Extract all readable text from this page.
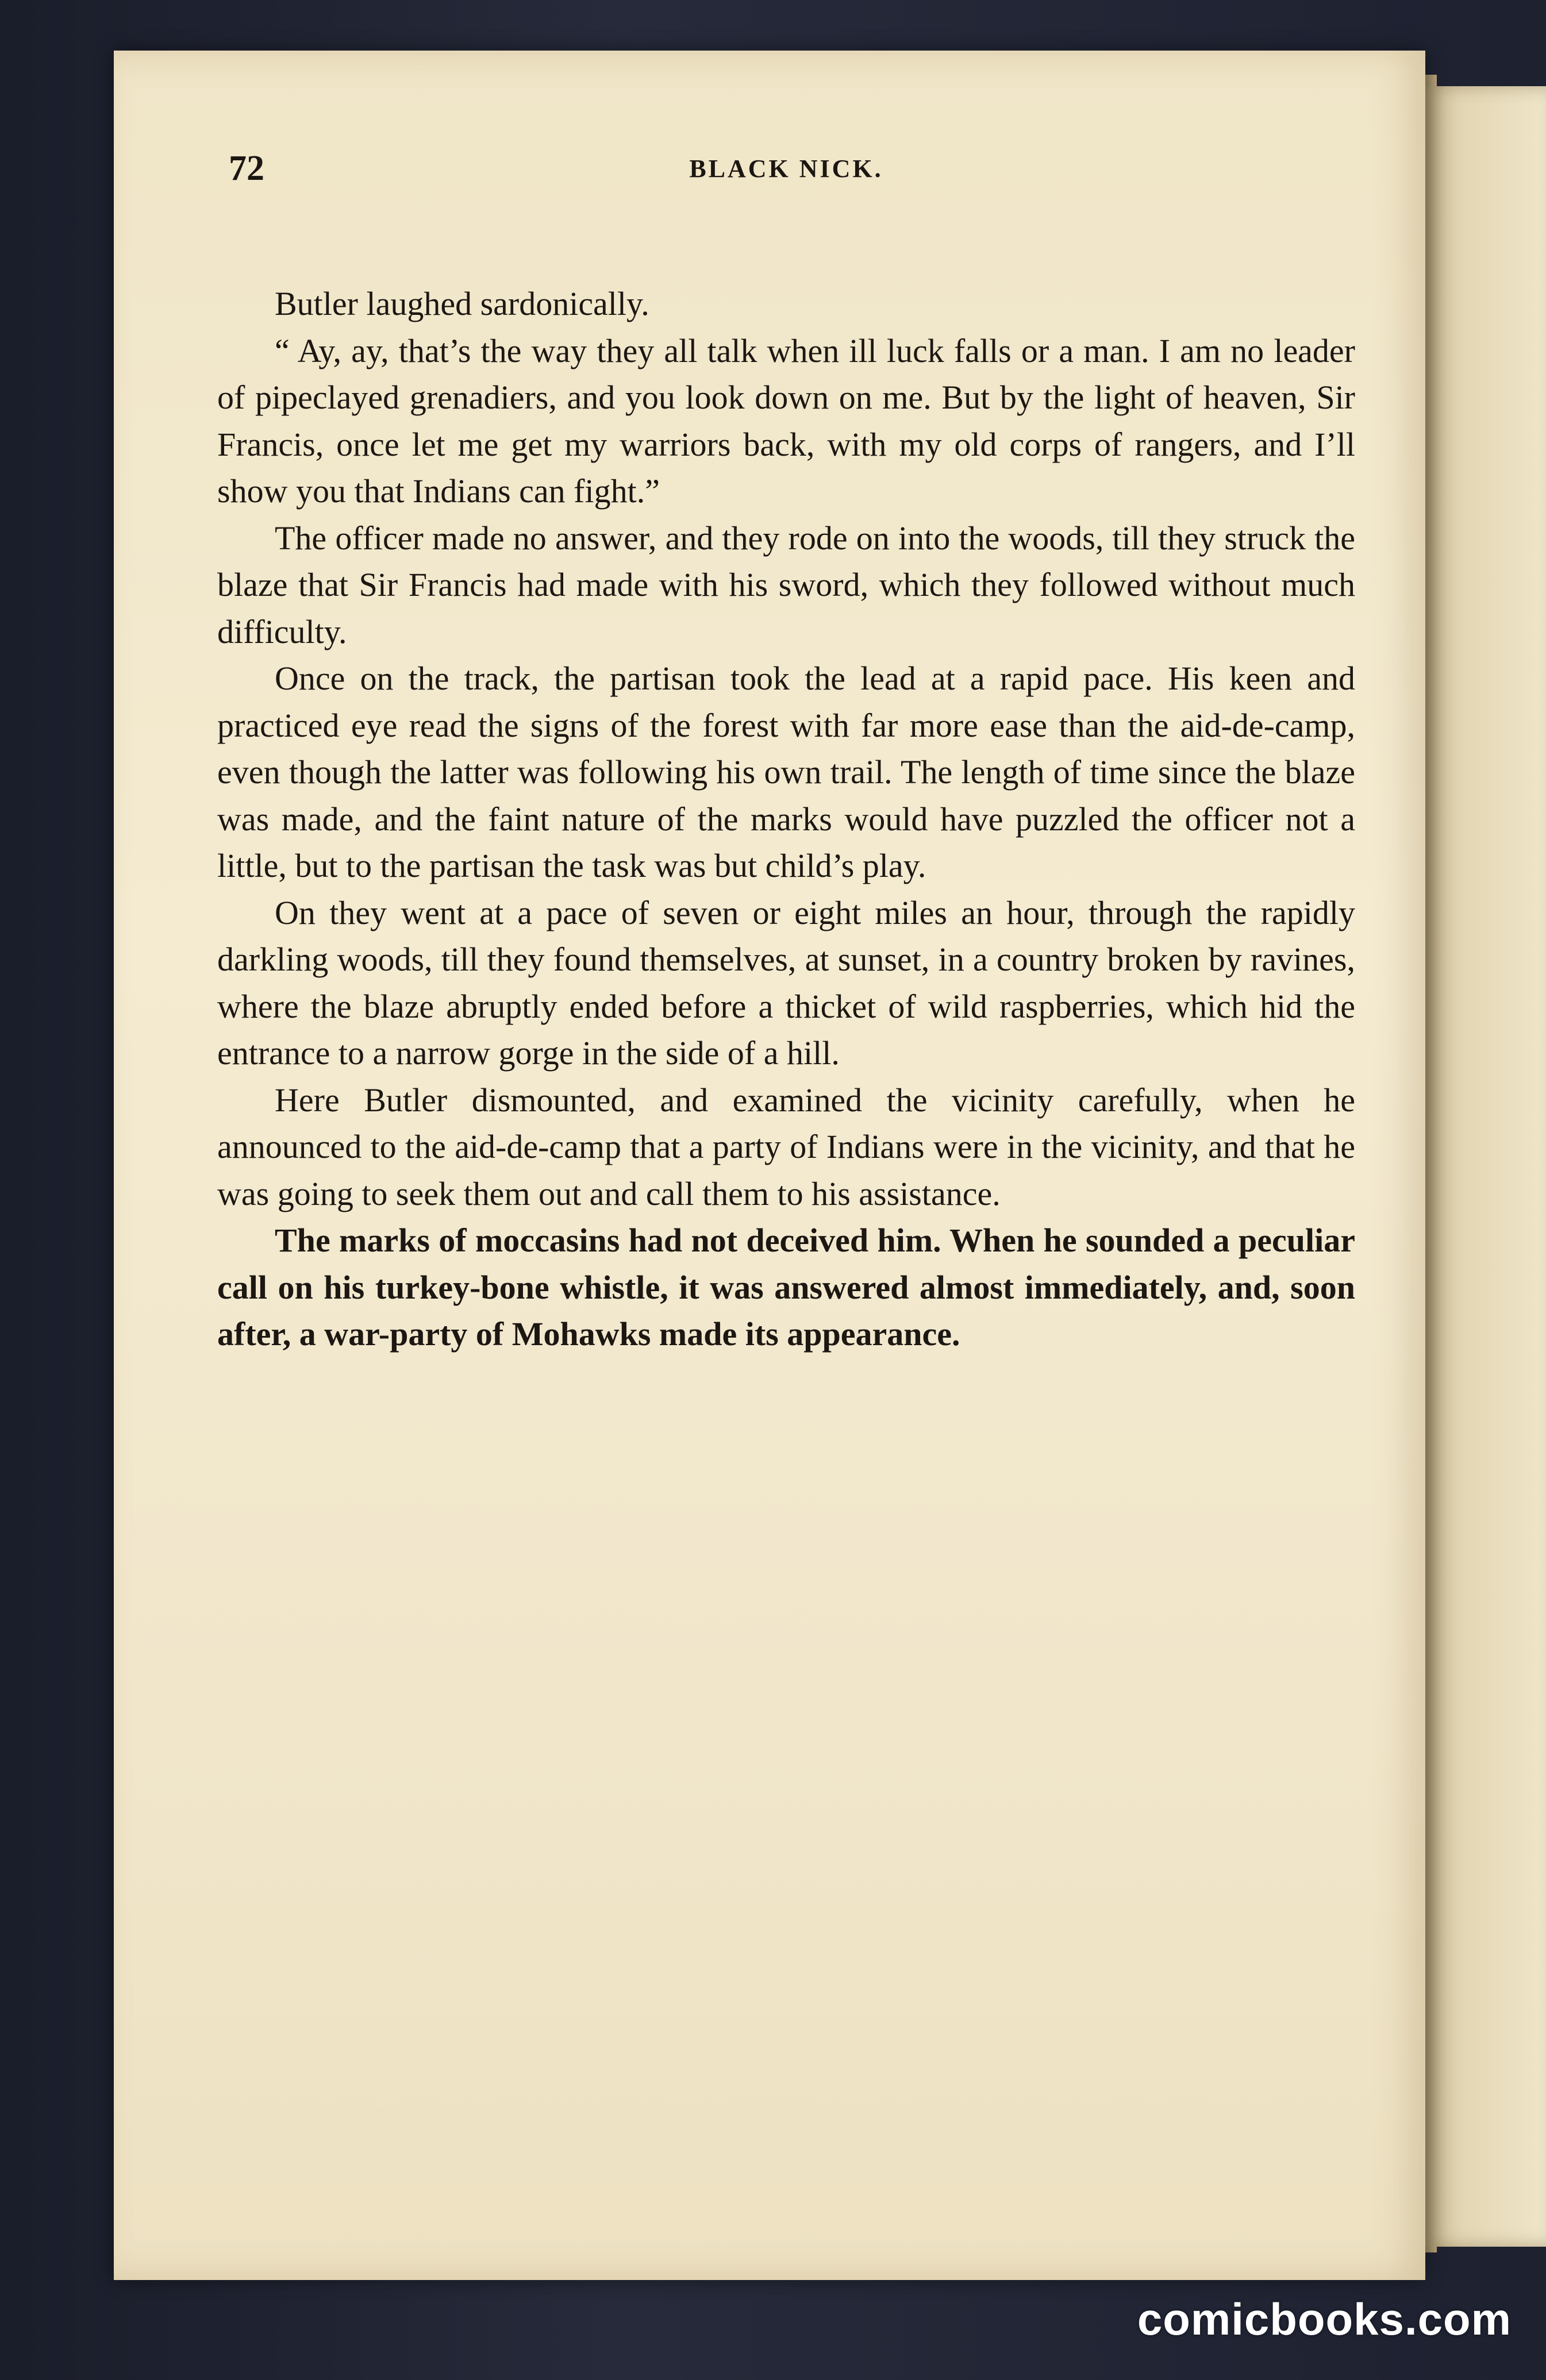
72	BLACK NICK.

Butler laughed sardonically.

“ Ay, ay, that’s the way they all talk when ill luck falls or a man. I am no leader of pipeclayed grenadiers, and you look down on me. But by the light of heaven, Sir Francis, once let me get my warriors back, with my old corps of rangers, and I’ll show you that Indians can fight.”

The officer made no answer, and they rode on into the woods, till they struck the blaze that Sir Francis had made with his sword, which they followed without much difficulty.

Once on the track, the partisan took the lead at a rapid pace. His keen and practiced eye read the signs of the forest with far more ease than the aid-de-camp, even though the latter was following his own trail. The length of time since the blaze was made, and the faint nature of the marks would have puzzled the officer not a little, but to the partisan the task was but child’s play.

On they went at a pace of seven or eight miles an hour, through the rapidly darkling woods, till they found themselves, at sunset, in a country broken by ravines, where the blaze abruptly ended before a thicket of wild raspberries, which hid the entrance to a narrow gorge in the side of a hill.

Here Butler dismounted, and examined the vicinity carefully, when he announced to the aid-de-camp that a party of Indians were in the vicinity, and that he was going to seek them out and call them to his assistance.

The marks of moccasins had not deceived him. When he sounded a peculiar call on his turkey-bone whistle, it was answered almost immediately, and, soon after, a war-party of Mohawks made its appearance.

comicbooks.com
